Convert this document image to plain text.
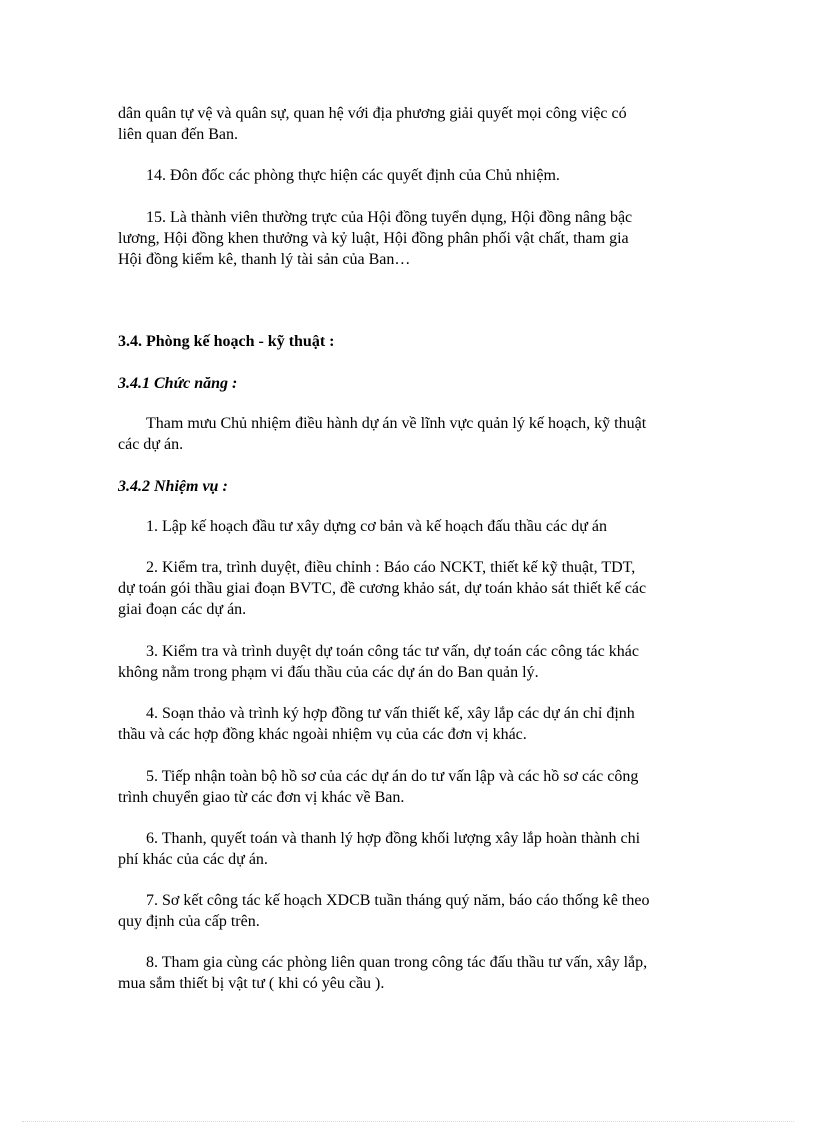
dân quân tự vệ và quân sự, quan hệ với địa phương giải quyết mọi công việc có
liên quan đến Ban.

14. Đôn đốc các phòng thực hiện các quyết định của Chủ nhiệm.

15. Là thành viên thường trực của Hội đồng tuyển dụng, Hội đồng nâng bậc
lương, Hội đồng khen thưởng và kỷ luật, Hội đồng phân phối vật chất, tham gia
Hội đồng kiểm kê, thanh lý tài sản của Ban…

3.4. Phòng kế hoạch - kỹ thuật :
3.4.1 Chức năng :

Tham mưu Chủ nhiệm điều hành dự án về lĩnh vực quản lý kế hoạch, kỹ thuật
các dự án.

3.4.2 Nhiệm vụ :

1. Lập kế hoạch đầu tư xây dựng cơ bản và kế hoạch đấu thầu các dự án

2. Kiểm tra, trình duyệt, điều chỉnh : Báo cáo NCKT, thiết kế kỹ thuật, TDT,
dự toán gói thầu giai đoạn BVTC, đề cương khảo sát, dự toán khảo sát thiết kế các
giai đoạn các dự án.

3. Kiểm tra và trình duyệt dự toán công tác tư vấn, dự toán các công tác khác
không nằm trong phạm vi đấu thầu của các dự án do Ban quản lý.

4. Soạn thảo và trình ký hợp đồng tư vấn thiết kế, xây lắp các dự án chỉ định
thầu và các hợp đồng khác ngoài nhiệm vụ của các đơn vị khác.

5. Tiếp nhận toàn bộ hồ sơ của các dự án do tư vấn lập và các hồ sơ các công
trình chuyển giao từ các đơn vị khác về Ban.

6. Thanh, quyết toán và thanh lý hợp đồng khối lượng xây lắp hoàn thành chi
phí khác của các dự án.

7. Sơ kết công tác kế hoạch XDCB tuần tháng quý năm, báo cáo thống kê theo
quy định của cấp trên.

8. Tham gia cùng các phòng liên quan trong công tác đấu thầu tư vấn, xây lắp,
mua sắm thiết bị vật tư ( khi có yêu cầu ).
